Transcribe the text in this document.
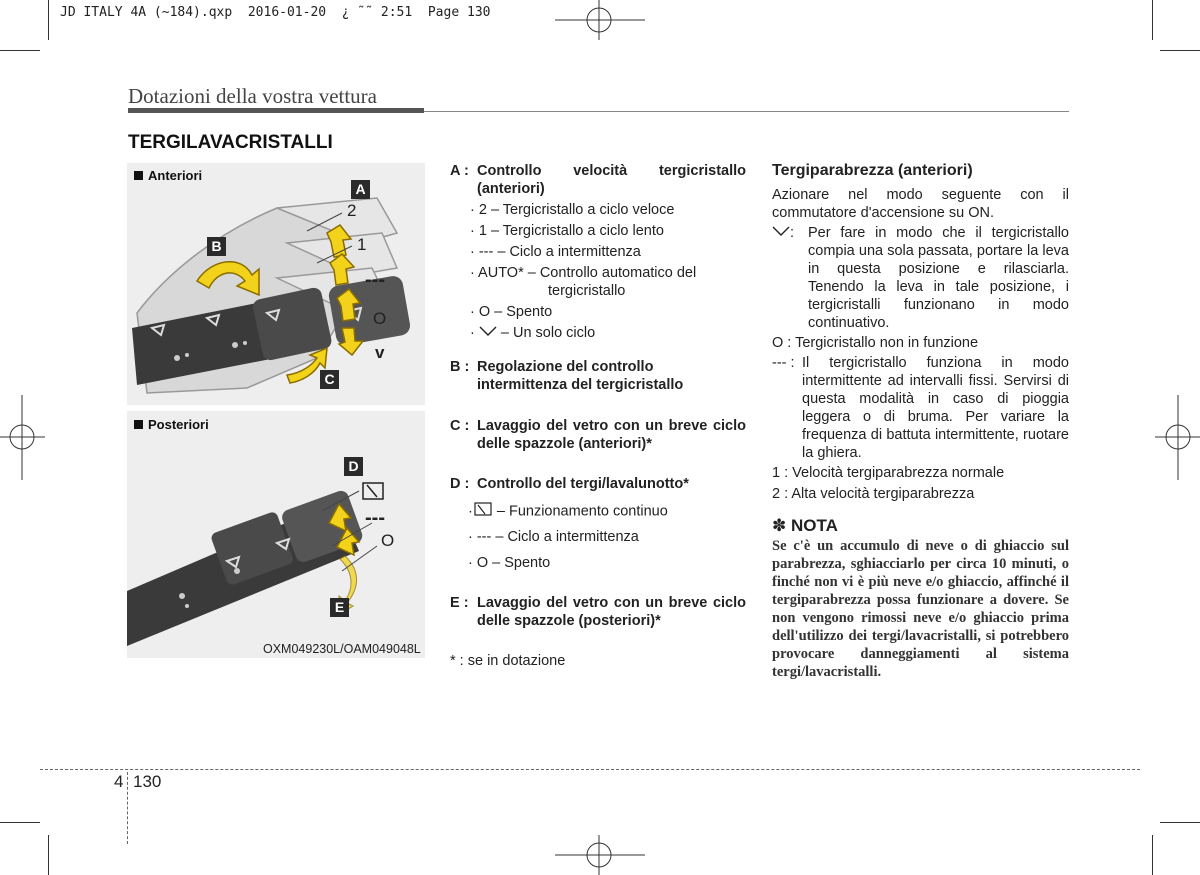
JD ITALY 4A (~184).qxp  2016-01-20  ¿ ˜˜ 2:51  Page 130
Dotazioni della vostra vettura
TERGILAVACRISTALLI
Anteriori
A
B
C
2
1
---
O
v
Posteriori
D
E
---
O
OXM049230L/OAM049048L
A : Controllo velocità tergicristallo (anteriori)
· 2 – Tergicristallo a ciclo veloce
· 1 – Tergicristallo a ciclo lento
· --- – Ciclo a intermittenza
· AUTO* – Controllo automatico del
tergicristallo
· O – Spento
·  – Un solo ciclo
B : Regolazione del controllo intermittenza del tergicristallo
C : Lavaggio del vetro con un breve ciclo delle spazzole (anteriori)*
D : Controllo del tergi/lavalunotto*
· – Funzionamento continuo
· --- – Ciclo a intermittenza
· O – Spento
E : Lavaggio del vetro con un breve ciclo delle spazzole (posteriori)*
* : se in dotazione

Tergiparabrezza (anteriori)

Azionare nel modo seguente con il commutatore d'accensione su ON.

: Per fare in modo che il tergicristallo compia una sola passata, portare la leva in questa posizione e rilasciarla. Tenendo la leva in tale posizione, i tergicristalli funzionano in modo continuativo.

O : Tergicristallo non in funzione

--- : Il tergicristallo funziona in modo intermittente ad intervalli fissi. Servirsi di questa modalità in caso di pioggia leggera o di bruma. Per variare la frequenza di battuta intermittente, ruotare la ghiera.

1 : Velocità tergiparabrezza normale

2 : Alta velocità tergiparabrezza

✽ NOTA

Se c'è un accumulo di neve o di ghiaccio sul parabrezza, sghiacciarlo per circa 10 minuti, o finché non vi è più neve e/o ghiaccio, affinché il tergiparabrezza possa funzionare a dovere. Se non vengono rimossi neve e/o ghiaccio prima dell'utilizzo dei tergi/lavacristalli, si potrebbero provocare danneggiamenti al sistema tergi/lavacristalli.

4 130
